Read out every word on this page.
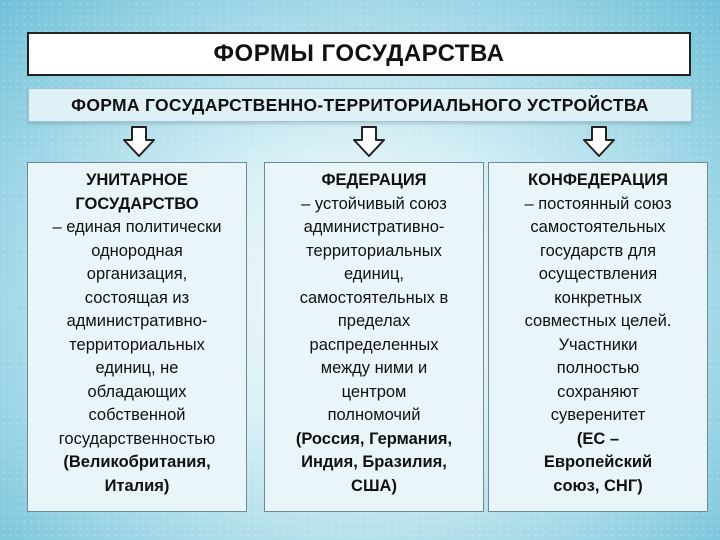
ФОРМЫ ГОСУДАРСТВА
ФОРМА ГОСУДАРСТВЕННО-ТЕРРИТОРИАЛЬНОГО УСТРОЙСТВА
УНИТАРНОЕ
ГОСУДАРСТВО
– единая политически
однородная
организация,
состоящая из
административно-
территориальных
единиц, не
обладающих
собственной
государственностью
(Великобритания,
Италия)
ФЕДЕРАЦИЯ
– устойчивый союз
административно-
территориальных
единиц,
самостоятельных в
пределах
распределенных
между ними и
центром
полномочий
(Россия, Германия,
Индия, Бразилия,
США)
КОНФЕДЕРАЦИЯ
– постоянный союз
самостоятельных
государств для
осуществления
конкретных
совместных целей.
Участники
полностью
сохраняют
суверенитет
(ЕС –
Европейский
союз, СНГ)
